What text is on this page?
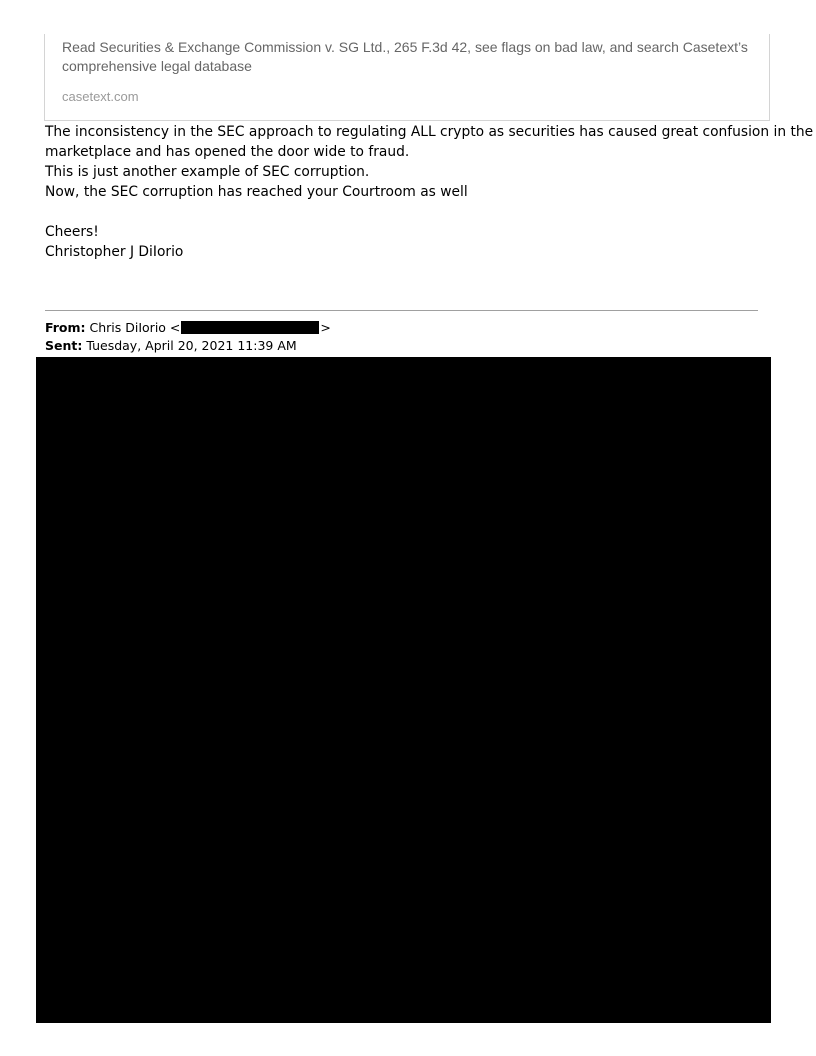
Read Securities & Exchange Commission v. SG Ltd., 265 F.3d 42, see flags on bad law, and search Casetext’s
comprehensive legal database
casetext.com
The inconsistency in the SEC approach to regulating ALL crypto as securities has caused great confusion in the
marketplace and has opened the door wide to fraud.
This is just another example of SEC corruption.
Now, the SEC corruption has reached your Courtroom as well
Cheers!
Christopher J DiIorio
From: Chris DiIorio <	>
Sent: Tuesday, April 20, 2021 11:39 AM
